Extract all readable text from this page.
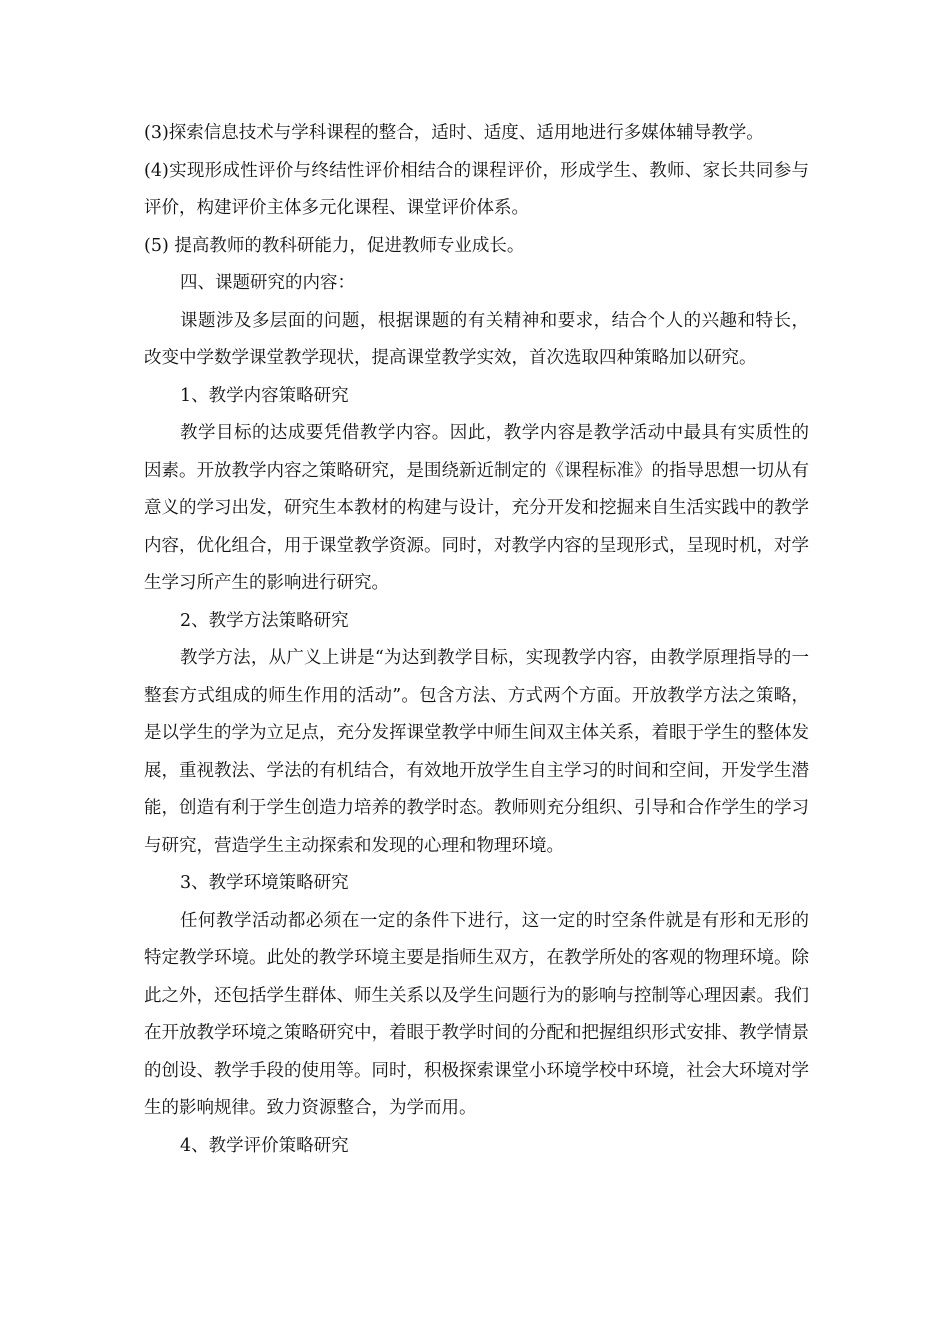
(3)探索信息技术与学科课程的整合，适时、适度、适用地进行多媒体辅导教学。

(4)实现形成性评价与终结性评价相结合的课程评价，形成学生、教师、家长共同参与评价，构建评价主体多元化课程、课堂评价体系。

(5) 提高教师的教科研能力，促进教师专业成长。

四、课题研究的内容：

课题涉及多层面的问题，根据课题的有关精神和要求，结合个人的兴趣和特长，改变中学数学课堂教学现状，提高课堂教学实效，首次选取四种策略加以研究。

1、教学内容策略研究

教学目标的达成要凭借教学内容。因此，教学内容是教学活动中最具有实质性的因素。开放教学内容之策略研究，是围绕新近制定的《课程标准》的指导思想一切从有意义的学习出发，研究生本教材的构建与设计，充分开发和挖掘来自生活实践中的教学内容，优化组合，用于课堂教学资源。同时，对教学内容的呈现形式，呈现时机，对学生学习所产生的影响进行研究。

2、教学方法策略研究

教学方法，从广义上讲是“为达到教学目标，实现教学内容，由教学原理指导的一整套方式组成的师生作用的活动”。包含方法、方式两个方面。开放教学方法之策略，是以学生的学为立足点，充分发挥课堂教学中师生间双主体关系，着眼于学生的整体发展，重视教法、学法的有机结合，有效地开放学生自主学习的时间和空间，开发学生潜能，创造有利于学生创造力培养的教学时态。教师则充分组织、引导和合作学生的学习与研究，营造学生主动探索和发现的心理和物理环境。

3、教学环境策略研究

任何教学活动都必须在一定的条件下进行，这一定的时空条件就是有形和无形的特定教学环境。此处的教学环境主要是指师生双方，在教学所处的客观的物理环境。除此之外，还包括学生群体、师生关系以及学生问题行为的影响与控制等心理因素。我们在开放教学环境之策略研究中，着眼于教学时间的分配和把握组织形式安排、教学情景的创设、教学手段的使用等。同时，积极探索课堂小环境学校中环境，社会大环境对学生的影响规律。致力资源整合，为学而用。

4、教学评价策略研究
